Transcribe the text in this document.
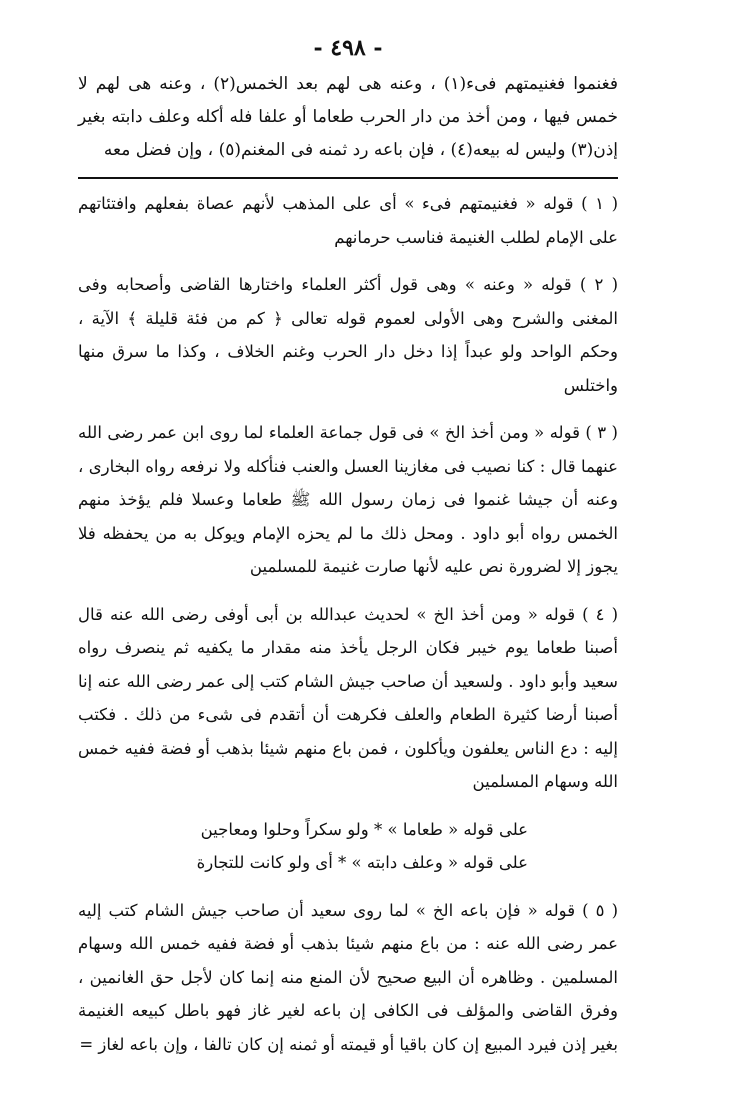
- ٤٩٨ -

فغنموا فغنيمتهم فىء(١) ، وعنه هى لهم بعد الخمس(٢) ، وعنه هى لهم لا خمس فيها ، ومن أخذ من دار الحرب طعاما أو علفا فله أكله وعلف دابته بغير إذن(٣) وليس له بيعه(٤) ، فإن باعه رد ثمنه فى المغنم(٥) ، وإن فضل معه

( ١ ) قوله « فغنيمتهم فىء » أى على المذهب لأنهم عصاة بفعلهم وافتئاتهم على الإمام لطلب الغنيمة فناسب حرمانهم

( ٢ ) قوله « وعنه » وهى قول أكثر العلماء واختارها القاضى وأصحابه وفى المغنى والشرح وهى الأولى لعموم قوله تعالى ﴿ كم من فئة قليلة ﴾ الآية ، وحكم الواحد ولو عبداً إذا دخل دار الحرب وغنم الخلاف ، وكذا ما سرق منها واختلس

( ٣ ) قوله « ومن أخذ الخ » فى قول جماعة العلماء لما روى ابن عمر رضى الله عنهما قال : كنا نصيب فى مغازينا العسل والعنب فنأكله ولا نرفعه رواه البخارى ، وعنه أن جيشا غنموا فى زمان رسول الله ﷺ طعاما وعسلا فلم يؤخذ منهم الخمس رواه أبو داود . ومحل ذلك ما لم يحزه الإمام ويوكل به من يحفظه فلا يجوز إلا لضرورة نص عليه لأنها صارت غنيمة للمسلمين

( ٤ ) قوله « ومن أخذ الخ » لحديث عبدالله بن أبى أوفى رضى الله عنه قال أصبنا طعاما يوم خيبر فكان الرجل يأخذ منه مقدار ما يكفيه ثم ينصرف رواه سعيد وأبو داود . ولسعيد أن صاحب جيش الشام كتب إلى عمر رضى الله عنه إنا أصبنا أرضا كثيرة الطعام والعلف فكرهت أن أتقدم فى شىء من ذلك . فكتب إليه : دع الناس يعلفون ويأكلون ، فمن باع منهم شيئا بذهب أو فضة ففيه خمس الله وسهام المسلمين

على قوله « طعاما » * ولو سكراً وحلوا ومعاجين

على قوله « وعلف دابته » * أى ولو كانت للتجارة

( ٥ ) قوله « فإن باعه الخ » لما روى سعيد أن صاحب جيش الشام كتب إليه عمر رضى الله عنه : من باع منهم شيئا بذهب أو فضة ففيه خمس الله وسهام المسلمين . وظاهره أن البيع صحيح لأن المنع منه إنما كان لأجل حق الغانمين ، وفرق القاضى والمؤلف فى الكافى إن باعه لغير غاز فهو باطل كبيعه الغنيمة بغير إذن فيرد المبيع إن كان باقيا أو قيمته أو ثمنه إن كان تالفا ، وإن باعه لغاز =
